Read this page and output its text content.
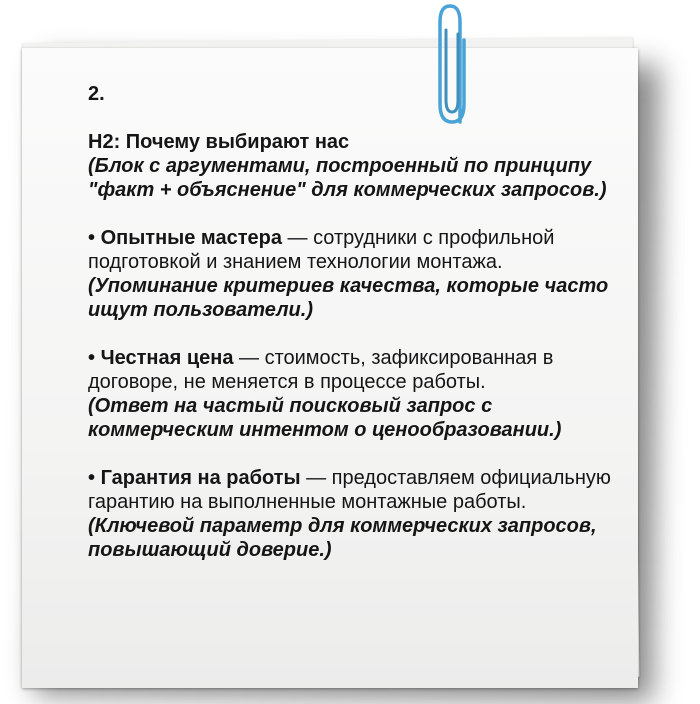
2.
H2: Почему выбирают нас
(Блок с аргументами, построенный по принципу "факт + объяснение" для коммерческих запросов.)
• Опытные мастера — сотрудники с профильной подготовкой и знанием технологии монтажа.
(Упоминание критериев качества, которые часто ищут пользователи.)
• Честная цена — стоимость, зафиксированная в договоре, не меняется в процессе работы.
(Ответ на частый поисковый запрос с коммерческим интентом о ценообразовании.)
• Гарантия на работы — предоставляем официальную гарантию на выполненные монтажные работы. (Ключевой параметр для коммерческих запросов, повышающий доверие.)
